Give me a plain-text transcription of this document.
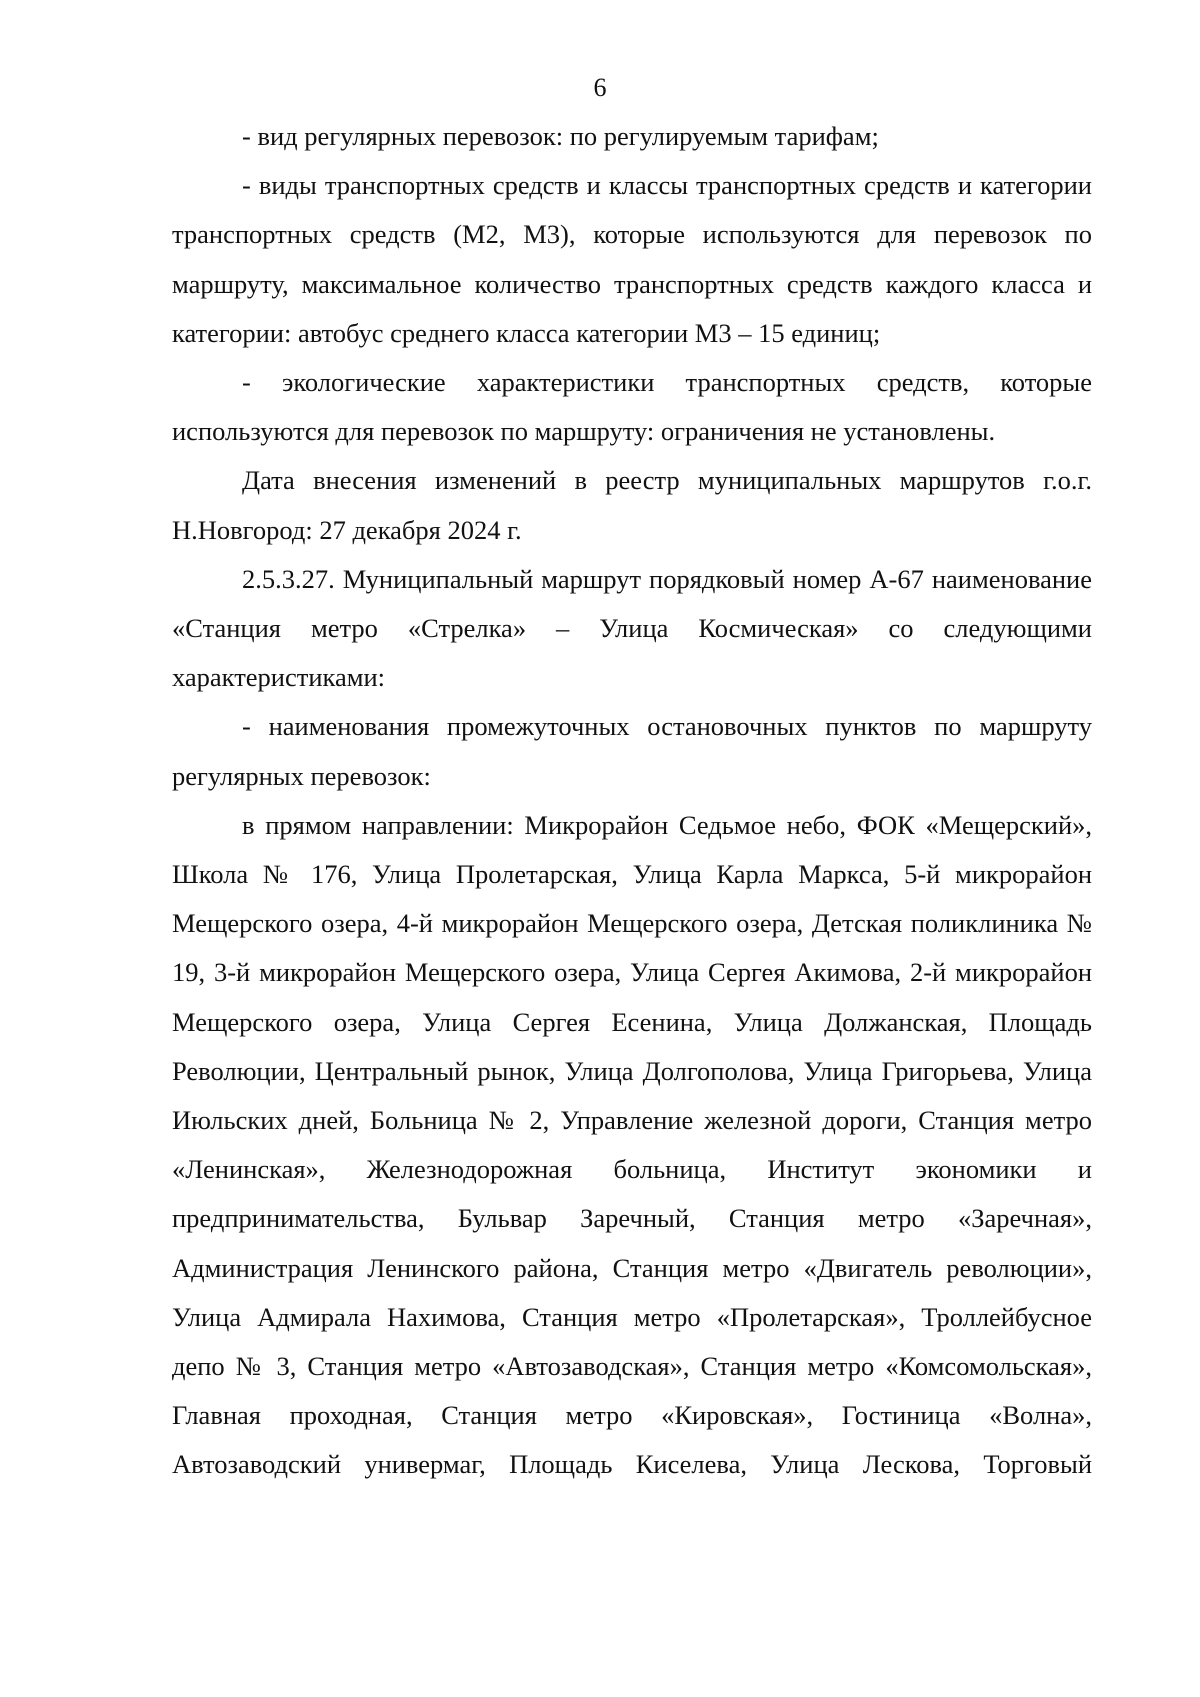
6

- вид регулярных перевозок: по регулируемым тарифам;

- виды транспортных средств и классы транспортных средств и категории транспортных средств (М2, М3), которые используются для перевозок по маршруту, максимальное количество транспортных средств каждого класса и категории: автобус среднего класса категории М3 – 15 единиц;

- экологические характеристики транспортных средств, которые используются для перевозок по маршруту: ограничения не установлены.

Дата внесения изменений в реестр муниципальных маршрутов г.о.г. Н.Новгород: 27 декабря 2024 г.

2.5.3.27. Муниципальный маршрут порядковый номер А-67 наименование «Станция метро «Стрелка» – Улица Космическая» со следующими характеристиками:

- наименования промежуточных остановочных пунктов по маршруту регулярных перевозок:

в прямом направлении: Микрорайон Седьмое небо, ФОК «Мещерский», Школа № 176, Улица Пролетарская, Улица Карла Маркса, 5-й микрорайон Мещерского озера, 4-й микрорайон Мещерского озера, Детская поликлиника № 19, 3-й микрорайон Мещерского озера, Улица Сергея Акимова, 2-й микрорайон Мещерского озера, Улица Сергея Есенина, Улица Должанская, Площадь Революции, Центральный рынок, Улица Долгополова, Улица Григорьева, Улица Июльских дней, Больница № 2, Управление железной дороги, Станция метро «Ленинская», Железнодорожная больница, Институт экономики и предпринимательства, Бульвар Заречный, Станция метро «Заречная», Администрация Ленинского района, Станция метро «Двигатель революции», Улица Адмирала Нахимова, Станция метро «Пролетарская», Троллейбусное депо № 3, Станция метро «Автозаводская», Станция метро «Комсомольская», Главная проходная, Станция метро «Кировская», Гостиница «Волна», Автозаводский универмаг, Площадь Киселева, Улица Лескова, Торговый
